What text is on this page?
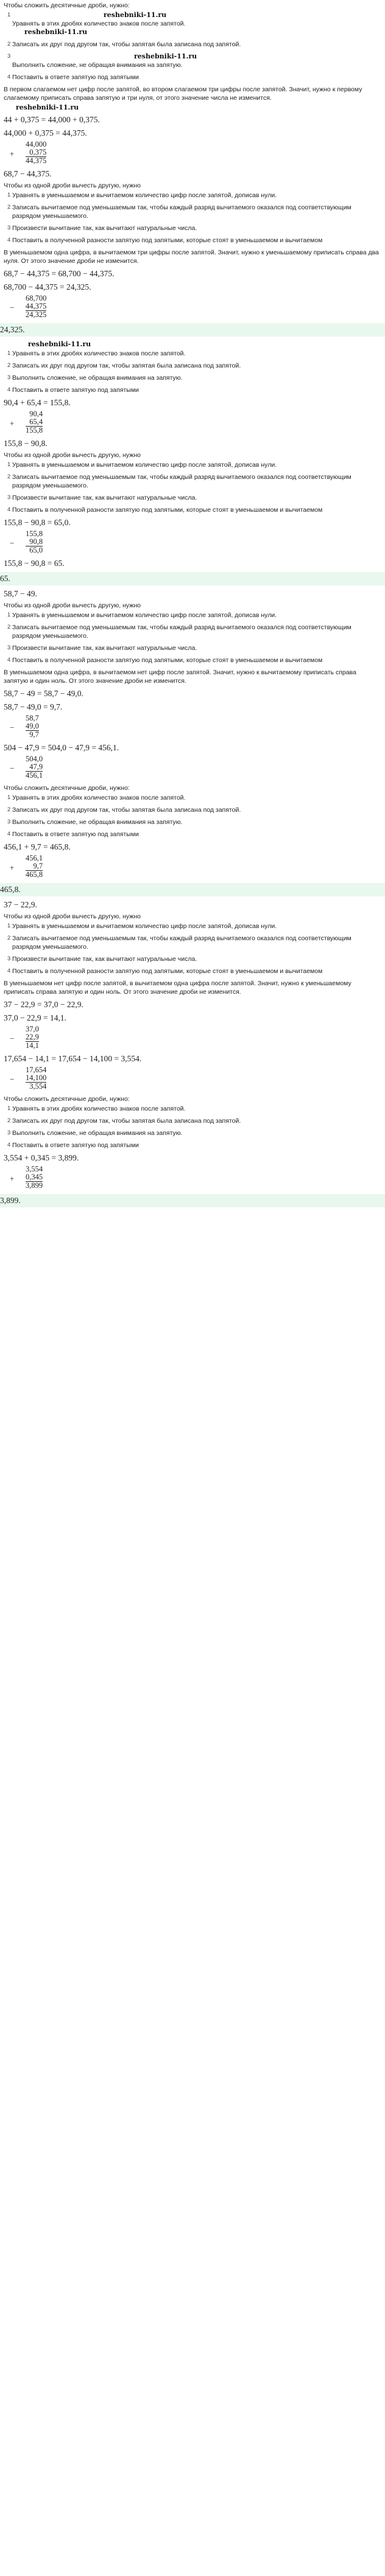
Чтобы сложить десятичные дроби, нужно:
1	reshebniki-11.ru
Уравнять в этих дробях количество знаков после запятой.
reshebniki-11.ru
2 Записать их друг под другом так, чтобы запятая была записана под запятой.
3	reshebniki-11.ru
Выполнить сложение, не обращая внимания на запятую.
4 Поставить в ответе запятую под запятыми
В первом слагаемом нет цифр после запятой, во втором слагаемом три цифры после запятой. Значит, нужно к первому слагаемому приписать справа запятую и три нуля, от этого значение числа не изменится.
reshebniki-11.ru
44 + 0,375 = 44,000 + 0,375.
44,000 + 0,375 = 44,375.
+
44,000
0,375
44,375
68,7 − 44,375.
Чтобы из одной дроби вычесть другую, нужно
1 Уравнять в уменьшаемом и вычитаемом количество цифр после запятой, дописав нули.
2 Записать вычитаемое под уменьшаемым так, чтобы каждый разряд вычитаемого оказался под соответствующим разрядом уменьшаемого.
3 Произвести вычитание так, как вычитают натуральные числа.
4 Поставить в полученной разности запятую под запятыми, которые стоят в уменьшаемом и вычитаемом
В уменьшаемом одна цифра, в вычитаемом три цифры после запятой. Значит, нужно к уменьшаемому приписать справа два нуля. От этого значение дроби не изменится.
68,7 − 44,375 = 68,700 − 44,375.
68,700 − 44,375 = 24,325.
−
68,700
44,375
24,325
24,325.
reshebniki-11.ru
1 Уравнять в этих дробях количество знаков после запятой.
2 Записать их друг под другом так, чтобы запятая была записана под запятой.
3 Выполнить сложение, не обращая внимания на запятую.
4 Поставить в ответе запятую под запятыми
90,4 + 65,4 = 155,8.
+
90,4
65,4
155,8
155,8 − 90,8.
Чтобы из одной дроби вычесть другую, нужно
1 Уравнять в уменьшаемом и вычитаемом количество цифр после запятой, дописав нули.
2 Записать вычитаемое под уменьшаемым так, чтобы каждый разряд вычитаемого оказался под соответствующим разрядом уменьшаемого.
3 Произвести вычитание так, как вычитают натуральные числа.
4 Поставить в полученной разности запятую под запятыми, которые стоят в уменьшаемом и вычитаемом
155,8 − 90,8 = 65,0.
−
155,8
90,8
65,0
155,8 − 90,8 = 65.
65.
58,7 − 49.
Чтобы из одной дроби вычесть другую, нужно
1 Уравнять в уменьшаемом и вычитаемом количество цифр после запятой, дописав нули.
2 Записать вычитаемое под уменьшаемым так, чтобы каждый разряд вычитаемого оказался под соответствующим разрядом уменьшаемого.
3 Произвести вычитание так, как вычитают натуральные числа.
4 Поставить в полученной разности запятую под запятыми, которые стоят в уменьшаемом и вычитаемом
В уменьшаемом одна цифра, в вычитаемом нет цифр после запятой. Значит, нужно к вычитаемому приписать справа запятую и один ноль. От этого значение дроби не изменится.
58,7 − 49 = 58,7 − 49,0.
58,7 − 49,0 = 9,7.
−
58,7
49,0
9,7
504 − 47,9 = 504,0 − 47,9 = 456,1.
−
504,0
47,9
456,1
Чтобы сложить десятичные дроби, нужно:
1 Уравнять в этих дробях количество знаков после запятой.
2 Записать их друг под другом так, чтобы запятая была записана под запятой.
3 Выполнить сложение, не обращая внимания на запятую.
4 Поставить в ответе запятую под запятыми
456,1 + 9,7 = 465,8.
+
456,1
9,7
465,8
465,8.
37 − 22,9.
Чтобы из одной дроби вычесть другую, нужно
1 Уравнять в уменьшаемом и вычитаемом количество цифр после запятой, дописав нули.
2 Записать вычитаемое под уменьшаемым так, чтобы каждый разряд вычитаемого оказался под соответствующим разрядом уменьшаемого.
3 Произвести вычитание так, как вычитают натуральные числа.
4 Поставить в полученной разности запятую под запятыми, которые стоят в уменьшаемом и вычитаемом
В уменьшаемом нет цифр после запятой, в вычитаемом одна цифра после запятой. Значит, нужно к уменьшаемому приписать справа запятую и один ноль. От этого значение дроби не изменится.
37 − 22,9 = 37,0 − 22,9.
37,0 − 22,9 = 14,1.
−
37,0
22,9
14,1
17,654 − 14,1 = 17,654 − 14,100 = 3,554.
−
17,654
14,100
3,554
Чтобы сложить десятичные дроби, нужно:
1 Уравнять в этих дробях количество знаков после запятой.
2 Записать их друг под другом так, чтобы запятая была записана под запятой.
3 Выполнить сложение, не обращая внимания на запятую.
4 Поставить в ответе запятую под запятыми
3,554 + 0,345 = 3,899.
+
3,554
0,345
3,899
3,899.
